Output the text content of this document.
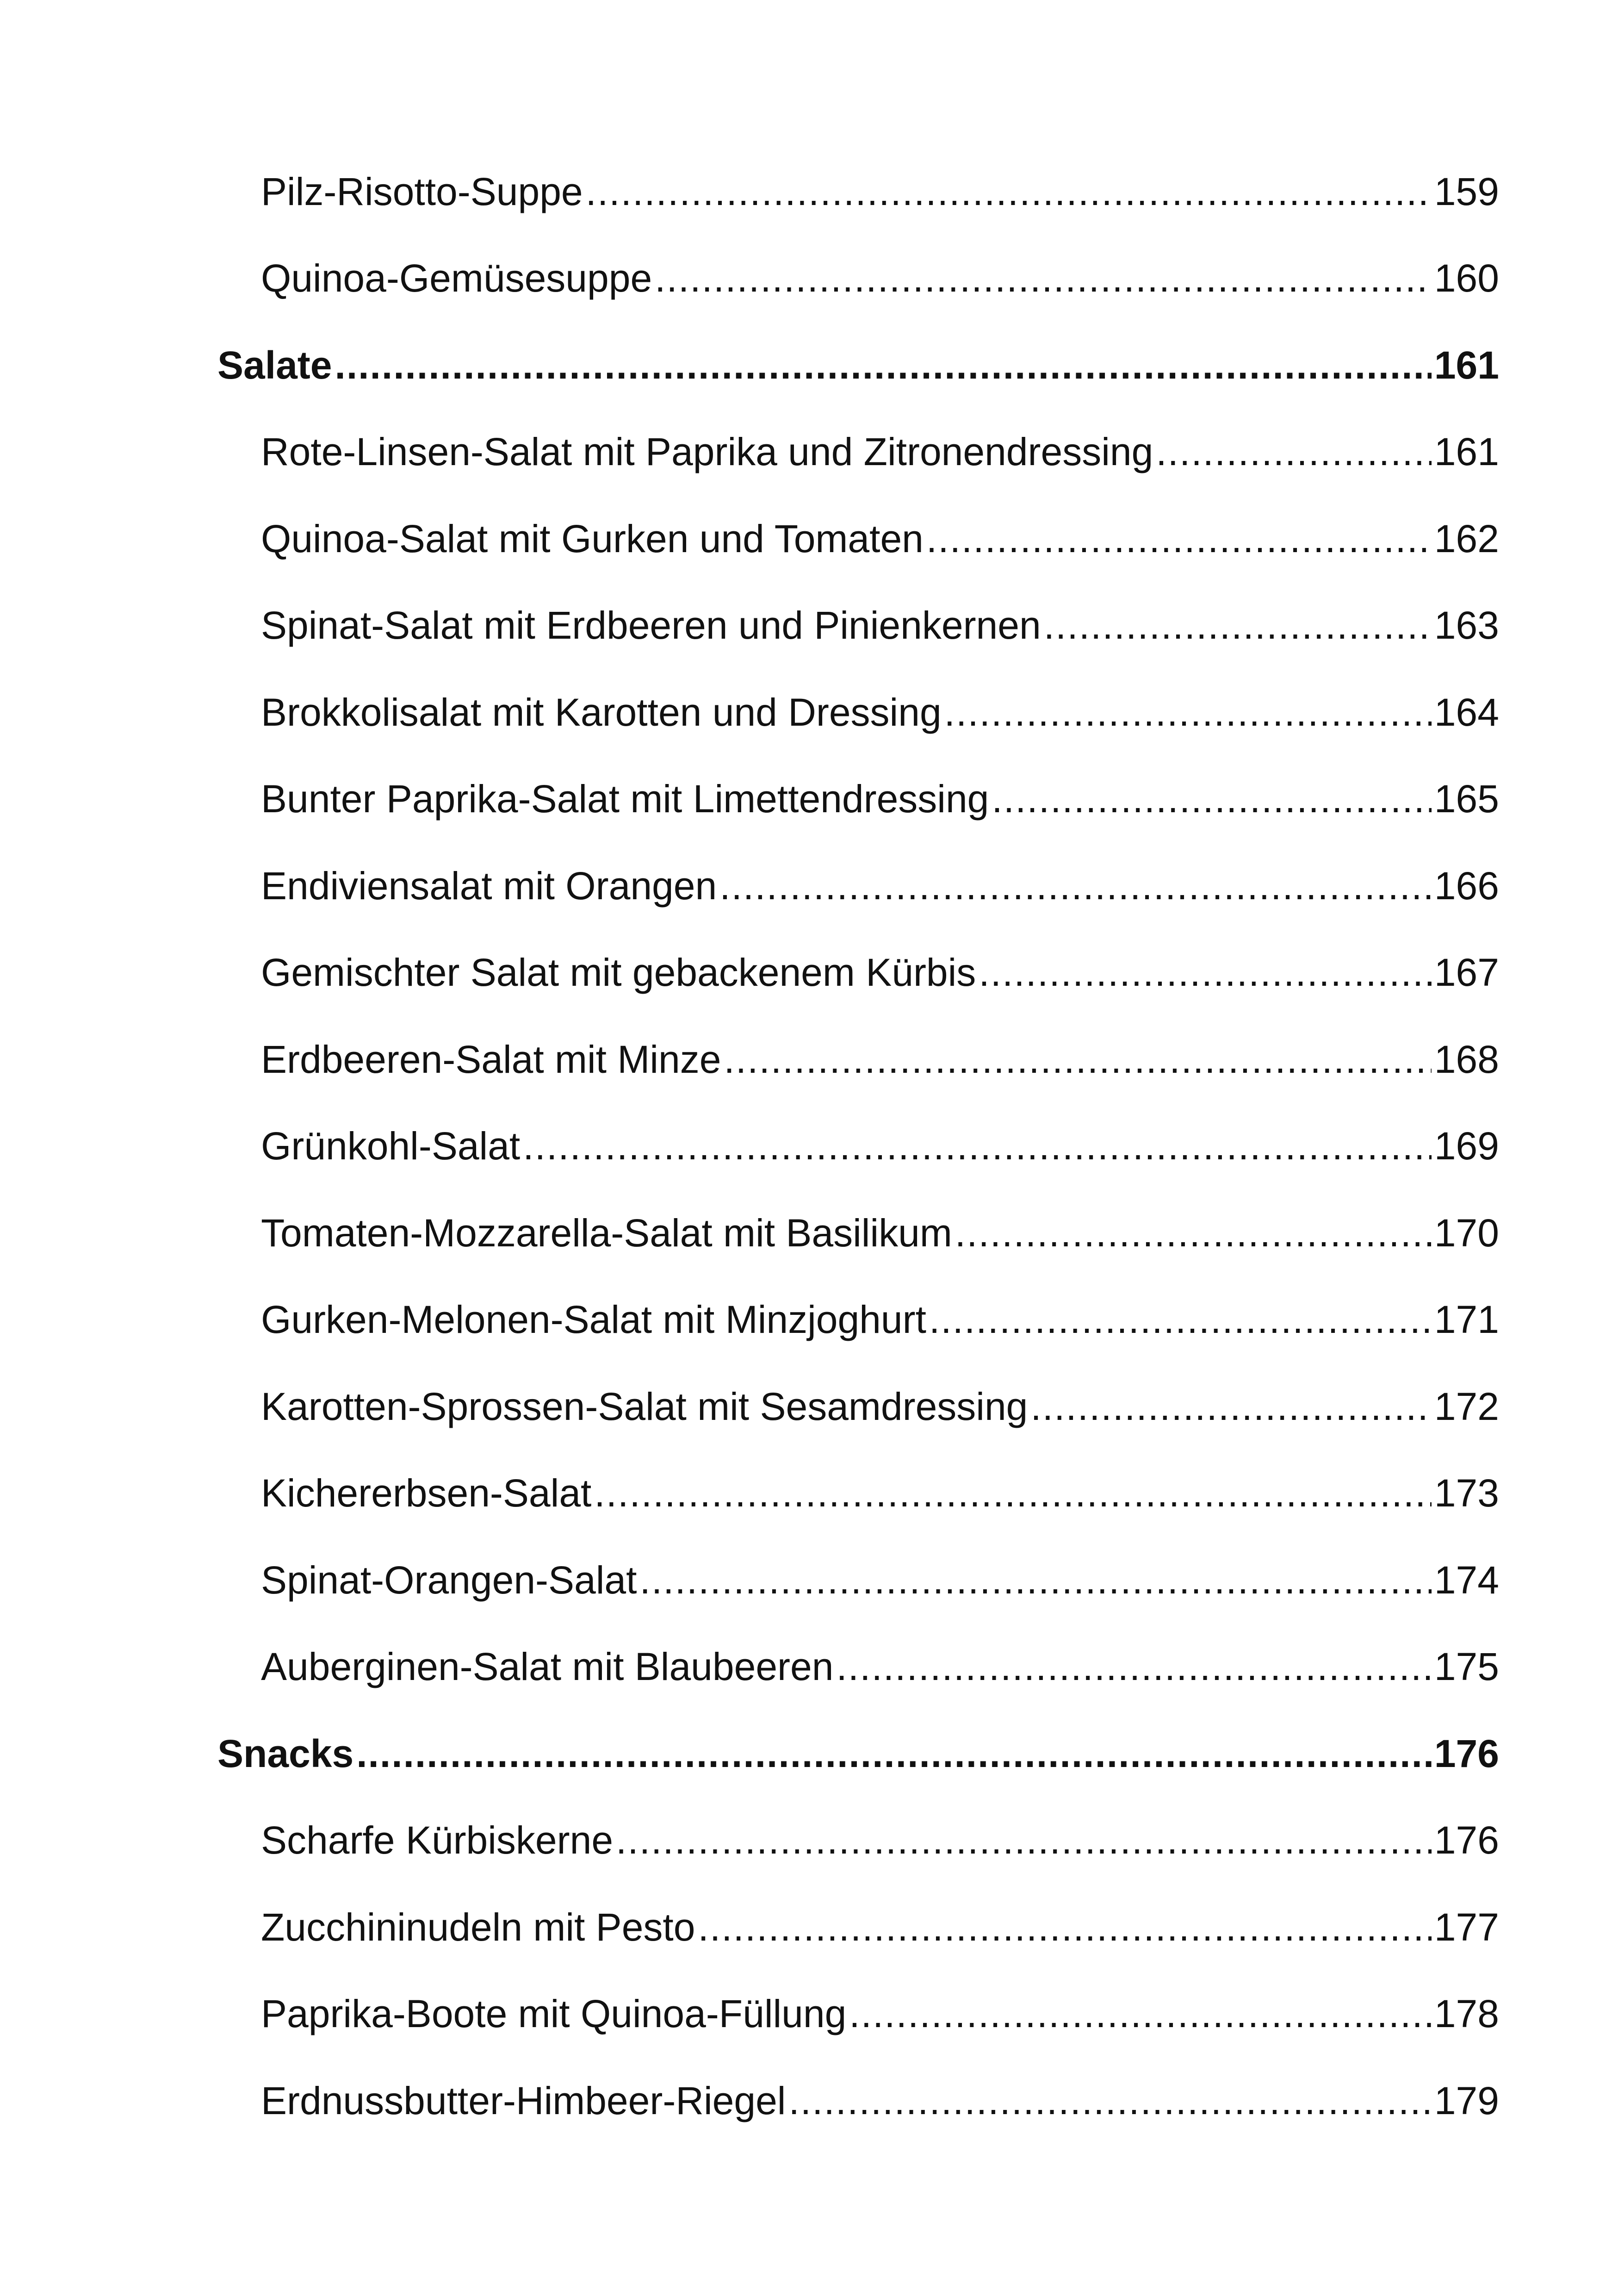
Pilz-Risotto-Suppe .....	159
Quinoa-Gemüsesuppe .....	160
Salate .....	161
Rote-Linsen-Salat mit Paprika und Zitronendressing .....	161
Quinoa-Salat mit Gurken und Tomaten .....	162
Spinat-Salat mit Erdbeeren und Pinienkernen .....	163
Brokkolisalat mit Karotten und Dressing .....	164
Bunter Paprika-Salat mit Limettendressing .....	165
Endiviensalat mit Orangen .....	166
Gemischter Salat mit gebackenem Kürbis .....	167
Erdbeeren-Salat mit Minze .....	168
Grünkohl-Salat .....	169
Tomaten-Mozzarella-Salat mit Basilikum .....	170
Gurken-Melonen-Salat mit Minzjoghurt .....	171
Karotten-Sprossen-Salat mit Sesamdressing .....	172
Kichererbsen-Salat .....	173
Spinat-Orangen-Salat .....	174
Auberginen-Salat mit Blaubeeren .....	175
Snacks .....	176
Scharfe Kürbiskerne .....	176
Zucchininudeln mit Pesto .....	177
Paprika-Boote mit Quinoa-Füllung .....	178
Erdnussbutter-Himbeer-Riegel .....	179
